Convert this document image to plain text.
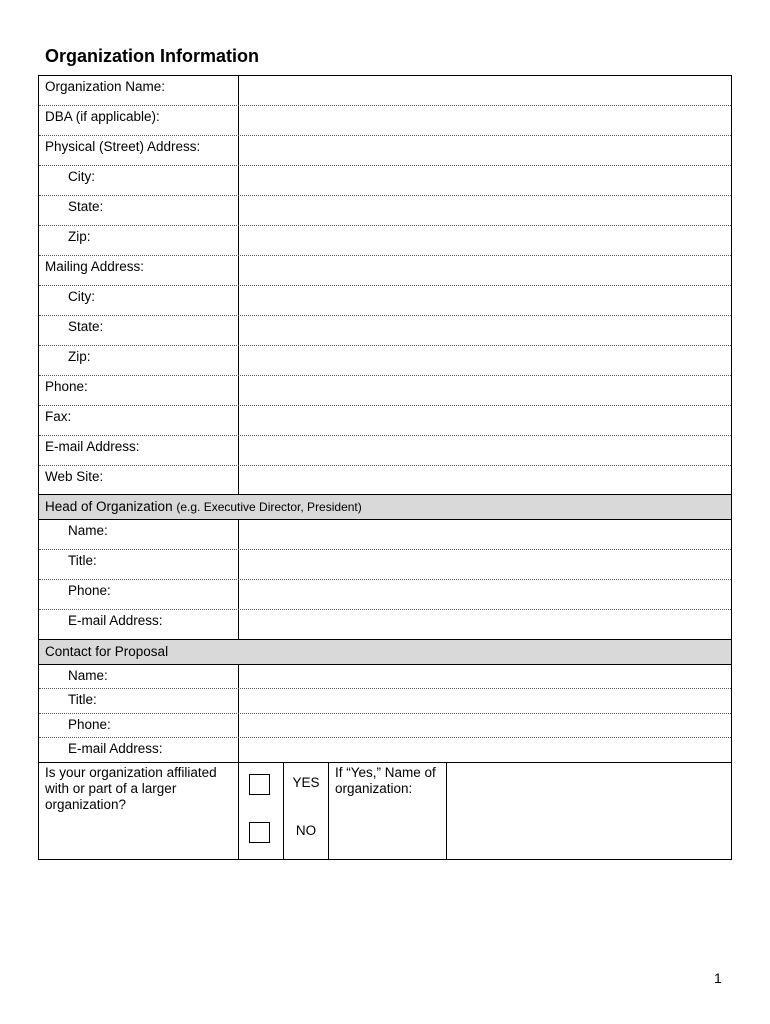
Organization Information
Organization Name:
DBA (if applicable):
Physical (Street) Address:
City:
State:
Zip:
Mailing Address:
City:
State:
Zip:
Phone:
Fax:
E-mail Address:
Web Site:
Head of Organization (e.g. Executive Director, President)
Name:
Title:
Phone:
E-mail Address:
Contact for Proposal
Name:
Title:
Phone:
E-mail Address:
Is your organization affiliated with or part of a larger organization?
YES
NO
If “Yes,” Name of organization:
1
